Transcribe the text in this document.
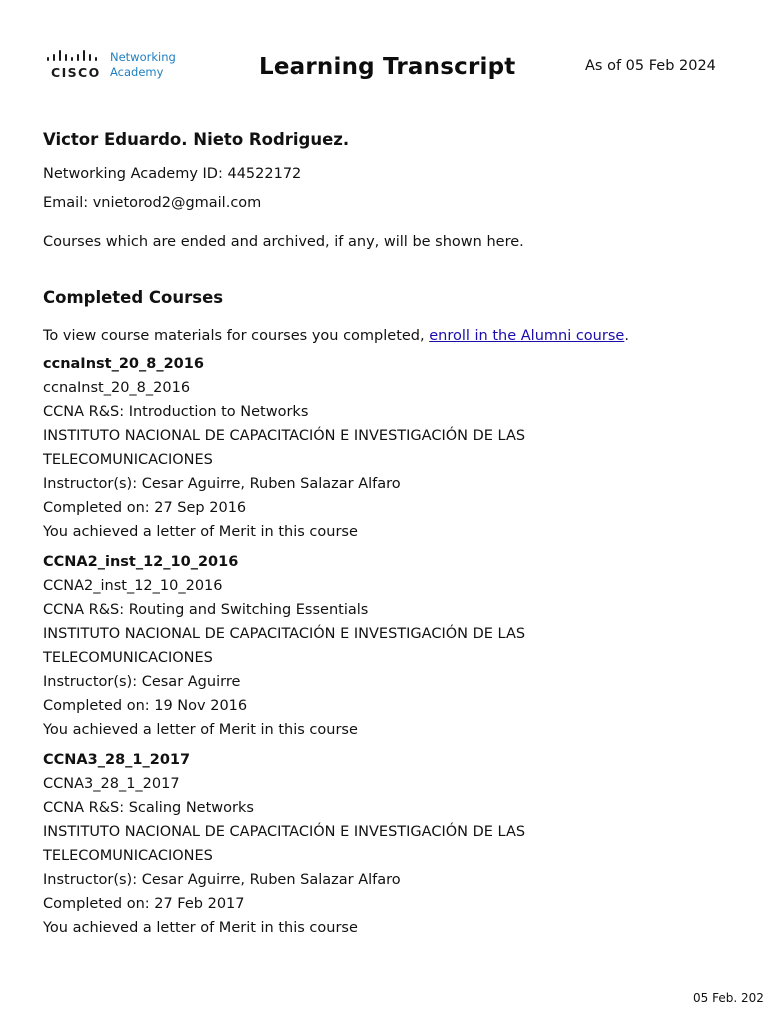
CISCO
Networking
Academy	Learning Transcript	As of 05 Feb 2024
Victor Eduardo. Nieto Rodriguez.
Networking Academy ID: 44522172
Email: vnietorod2@gmail.com
Courses which are ended and archived, if any, will be shown here.
Completed Courses
To view course materials for courses you completed, enroll in the Alumni course.
ccnaInst_20_8_2016
ccnaInst_20_8_2016
CCNA R&S: Introduction to Networks
INSTITUTO NACIONAL DE CAPACITACIÓN E INVESTIGACIÓN DE LAS
TELECOMUNICACIONES
Instructor(s): Cesar Aguirre, Ruben Salazar Alfaro
Completed on: 27 Sep 2016
You achieved a letter of Merit in this course
CCNA2_inst_12_10_2016
CCNA2_inst_12_10_2016
CCNA R&S: Routing and Switching Essentials
INSTITUTO NACIONAL DE CAPACITACIÓN E INVESTIGACIÓN DE LAS
TELECOMUNICACIONES
Instructor(s): Cesar Aguirre
Completed on: 19 Nov 2016
You achieved a letter of Merit in this course
CCNA3_28_1_2017
CCNA3_28_1_2017
CCNA R&S: Scaling Networks
INSTITUTO NACIONAL DE CAPACITACIÓN E INVESTIGACIÓN DE LAS
TELECOMUNICACIONES
Instructor(s): Cesar Aguirre, Ruben Salazar Alfaro
Completed on: 27 Feb 2017
You achieved a letter of Merit in this course
05 Feb. 202
